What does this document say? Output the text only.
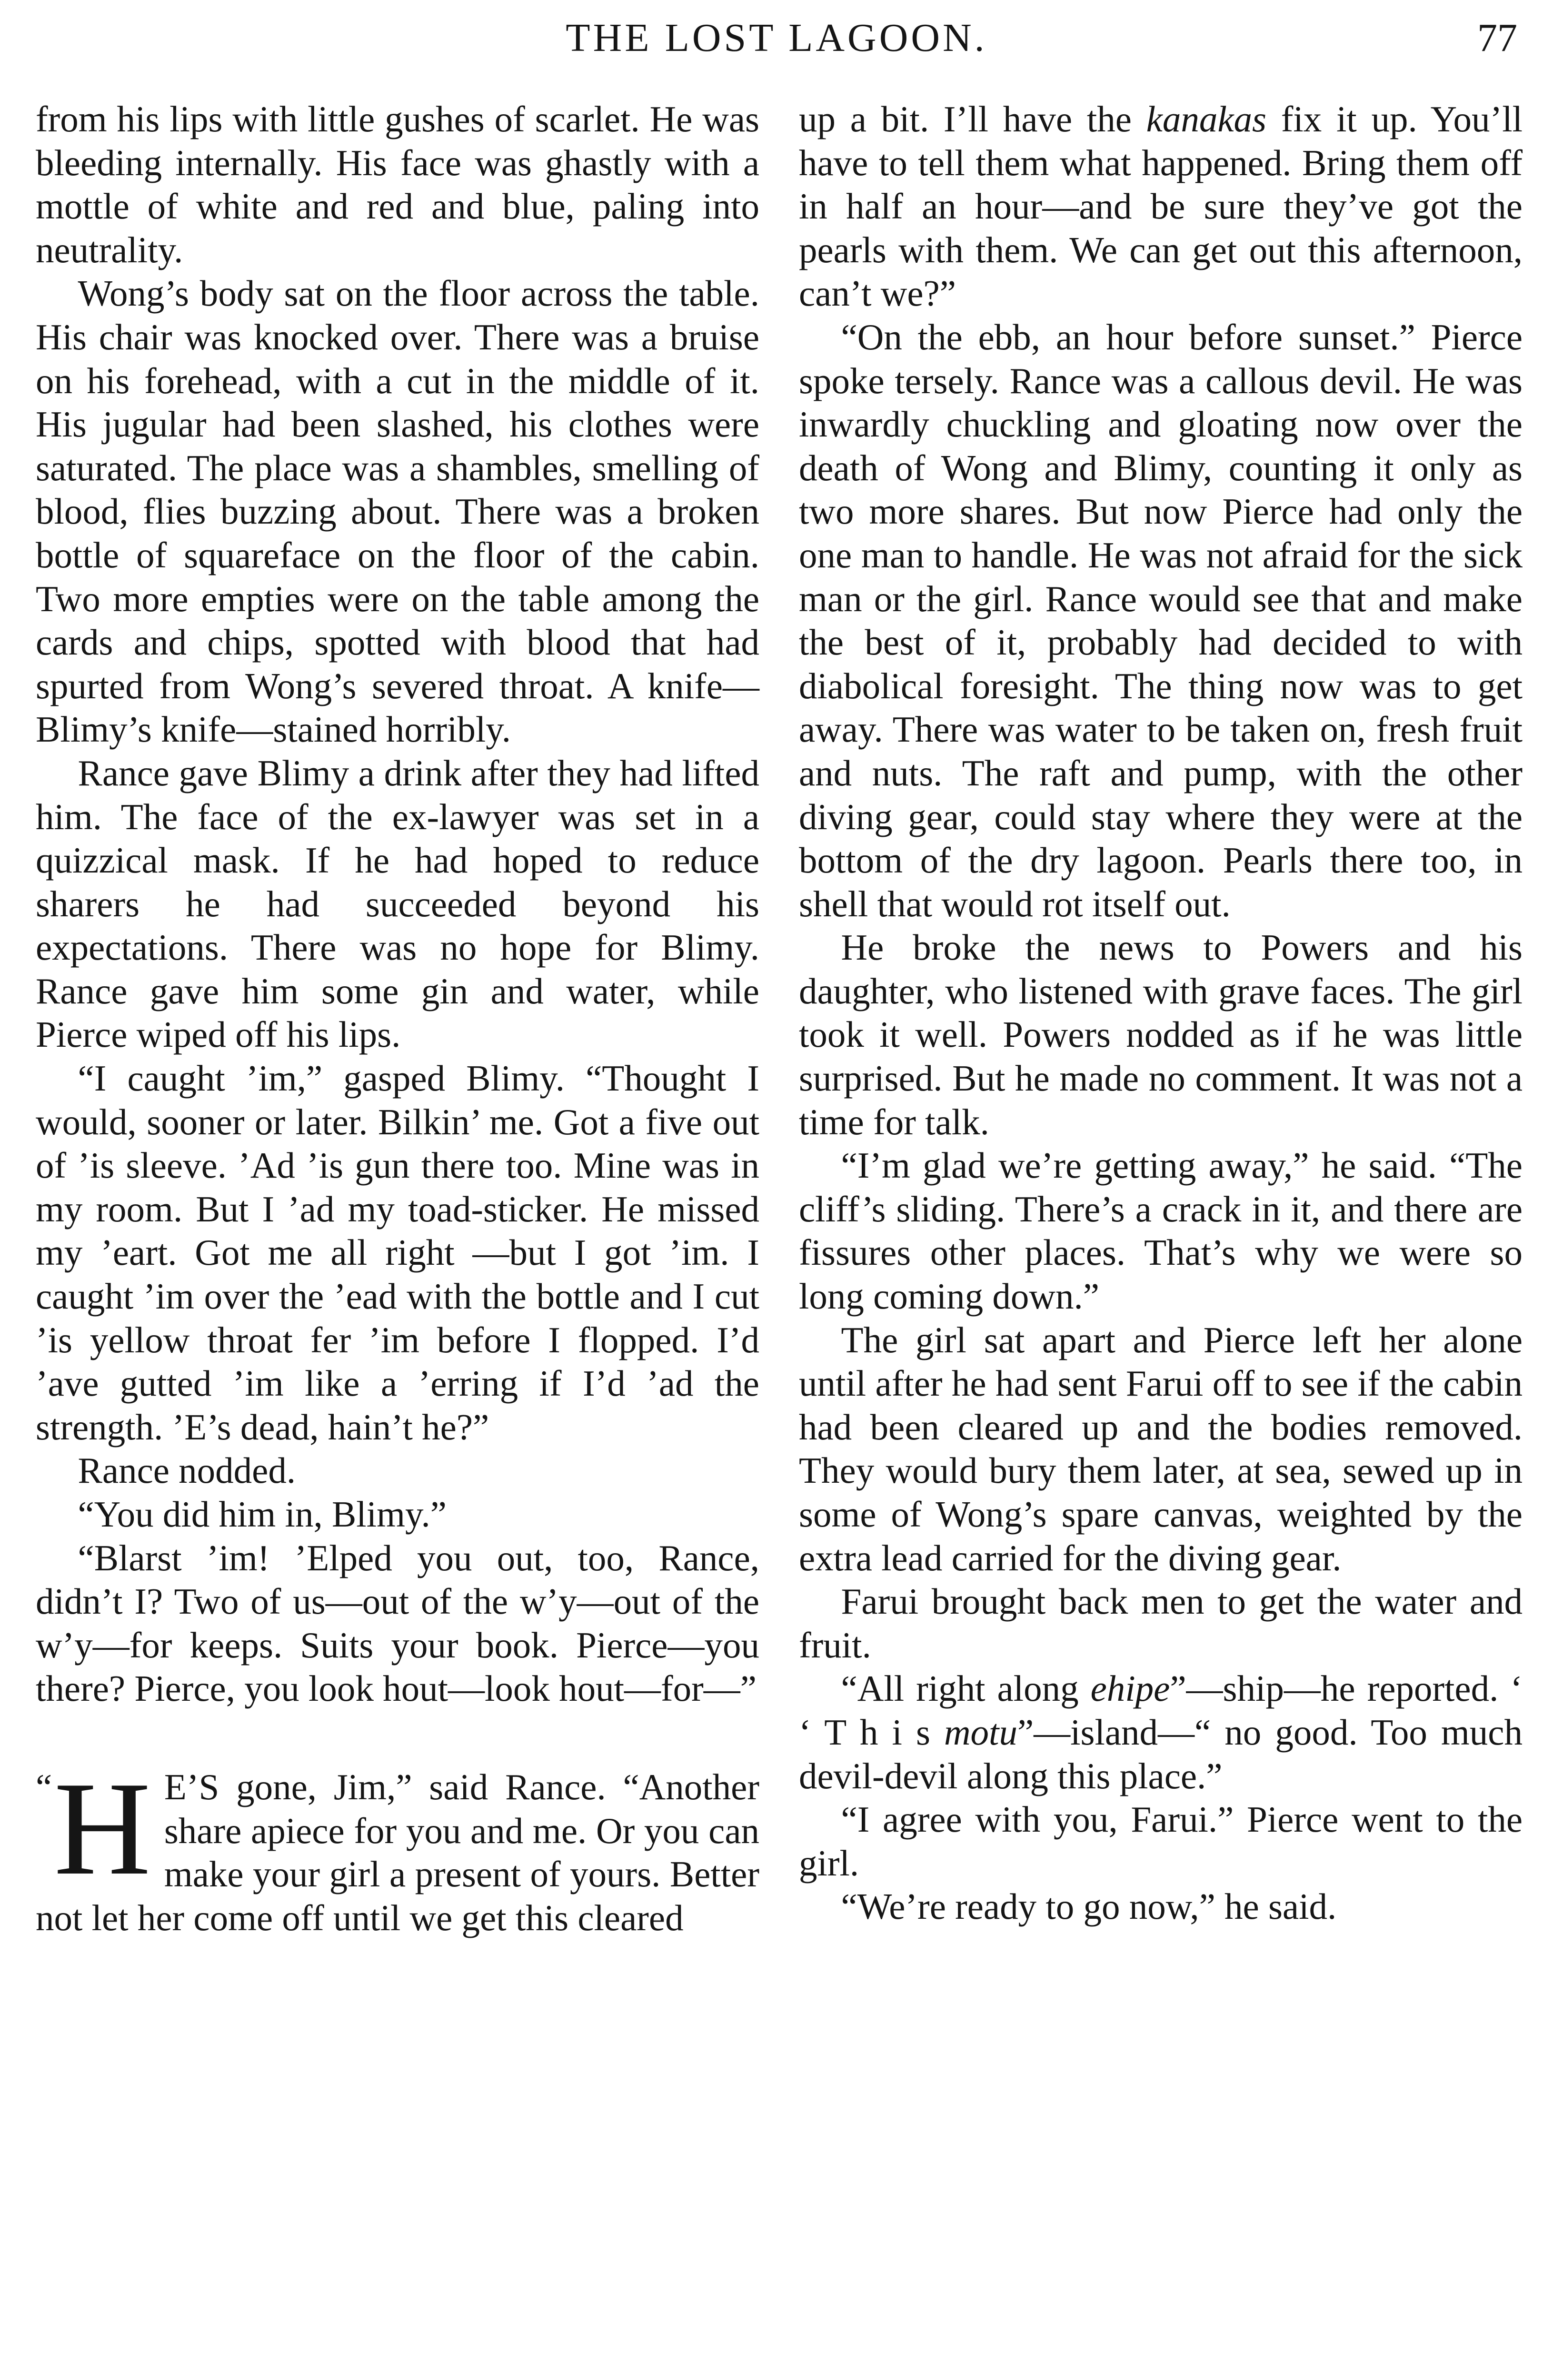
THE LOST LAGOON.	77

from his lips with little gushes of scarlet. He was bleeding internally. His face was ghastly with a mottle of white and red and blue, paling into neutrality.

Wong’s body sat on the floor across the table. His chair was knocked over. There was a bruise on his forehead, with a cut in the middle of it. His jugular had been slashed, his clothes were saturated. The place was a shambles, smelling of blood, flies buzzing about. There was a broken bottle of squareface on the floor of the cabin. Two more empties were on the table among the cards and chips, spotted with blood that had spurted from Wong’s severed throat. A knife—Blimy’s knife—stained horribly.

Rance gave Blimy a drink after they had lifted him. The face of the ex-lawyer was set in a quizzical mask. If he had hoped to reduce sharers he had succeeded beyond his expectations. There was no hope for Blimy. Rance gave him some gin and water, while Pierce wiped off his lips.

“I caught ’im,” gasped Blimy. “Thought I would, sooner or later. Bilkin’ me. Got a five out of ’is sleeve. ’Ad ’is gun there too. Mine was in my room. But I ’ad my toad-sticker. He missed my ’eart. Got me all right —but I got ’im. I caught ’im over the ’ead with the bottle and I cut ’is yellow throat fer ’im before I flopped. I’d ’ave gutted ’im like a ’erring if I’d ’ad the strength. ’E’s dead, hain’t he?”

Rance nodded.

“You did him in, Blimy.”

“Blarst ’im! ’Elped you out, too, Rance, didn’t I? Two of us—out of the w’y—out of the w’y—for keeps. Suits your book. Pierce—you there? Pierce, you look hout—look hout—for—”

“ H E’S gone, Jim,” said Rance. “Another share apiece for you and me. Or you can make your girl a present of yours. Better not let her come off until we get this cleared

up a bit. I’ll have the kanakas fix it up. You’ll have to tell them what happened. Bring them off in half an hour—and be sure they’ve got the pearls with them. We can get out this afternoon, can’t we?”

“On the ebb, an hour before sunset.” Pierce spoke tersely. Rance was a callous devil. He was inwardly chuckling and gloating now over the death of Wong and Blimy, counting it only as two more shares. But now Pierce had only the one man to handle. He was not afraid for the sick man or the girl. Rance would see that and make the best of it, probably had decided to with diabolical foresight. The thing now was to get away. There was water to be taken on, fresh fruit and nuts. The raft and pump, with the other diving gear, could stay where they were at the bottom of the dry lagoon. Pearls there too, in shell that would rot itself out.

He broke the news to Powers and his daughter, who listened with grave faces. The girl took it well. Powers nodded as if he was little surprised. But he made no comment. It was not a time for talk.

“I’m glad we’re getting away,” he said. “The cliff’s sliding. There’s a crack in it, and there are fissures other places. That’s why we were so long coming down.”

The girl sat apart and Pierce left her alone until after he had sent Farui off to see if the cabin had been cleared up and the bodies removed. They would bury them later, at sea, sewed up in some of Wong’s spare canvas, weighted by the extra lead carried for the diving gear.

Farui brought back men to get the water and fruit.

“All right along ehipe”—ship—he reported. ‘ ‘ T h i s motu”—island—“ no good. Too much devil-devil along this place.”

“I agree with you, Farui.” Pierce went to the girl.

“We’re ready to go now,” he said.
